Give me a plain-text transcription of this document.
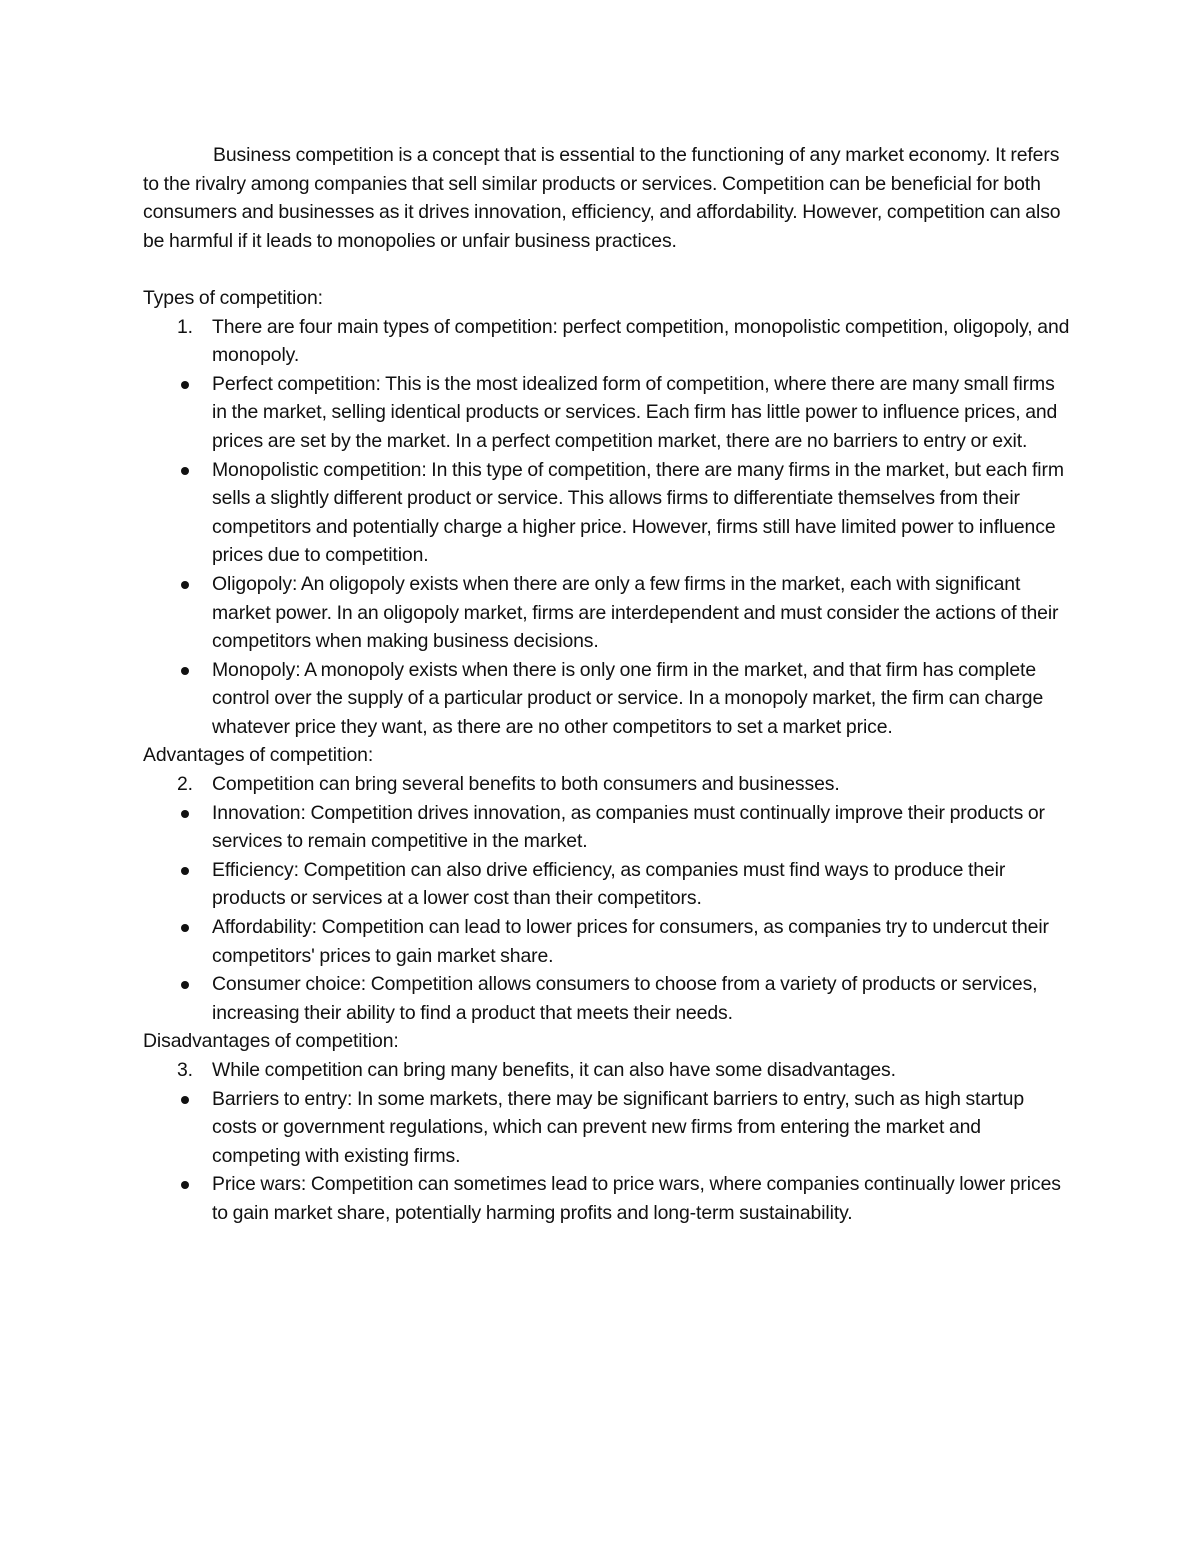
Business competition is a concept that is essential to the functioning of any market economy. It refers to the rivalry among companies that sell similar products or services. Competition can be beneficial for both consumers and businesses as it drives innovation, efficiency, and affordability. However, competition can also be harmful if it leads to monopolies or unfair business practices.

Types of competition:

1. There are four main types of competition: perfect competition, monopolistic competition, oligopoly, and monopoly.
Perfect competition: This is the most idealized form of competition, where there are many small firms in the market, selling identical products or services. Each firm has little power to influence prices, and prices are set by the market. In a perfect competition market, there are no barriers to entry or exit.
Monopolistic competition: In this type of competition, there are many firms in the market, but each firm sells a slightly different product or service. This allows firms to differentiate themselves from their competitors and potentially charge a higher price. However, firms still have limited power to influence prices due to competition.
Oligopoly: An oligopoly exists when there are only a few firms in the market, each with significant market power. In an oligopoly market, firms are interdependent and must consider the actions of their competitors when making business decisions.
Monopoly: A monopoly exists when there is only one firm in the market, and that firm has complete control over the supply of a particular product or service. In a monopoly market, the firm can charge whatever price they want, as there are no other competitors to set a market price.

Advantages of competition:

2. Competition can bring several benefits to both consumers and businesses.
Innovation: Competition drives innovation, as companies must continually improve their products or services to remain competitive in the market.
Efficiency: Competition can also drive efficiency, as companies must find ways to produce their products or services at a lower cost than their competitors.
Affordability: Competition can lead to lower prices for consumers, as companies try to undercut their competitors' prices to gain market share.
Consumer choice: Competition allows consumers to choose from a variety of products or services, increasing their ability to find a product that meets their needs.

Disadvantages of competition:

3. While competition can bring many benefits, it can also have some disadvantages.
Barriers to entry: In some markets, there may be significant barriers to entry, such as high startup costs or government regulations, which can prevent new firms from entering the market and competing with existing firms.
Price wars: Competition can sometimes lead to price wars, where companies continually lower prices to gain market share, potentially harming profits and long-term sustainability.
